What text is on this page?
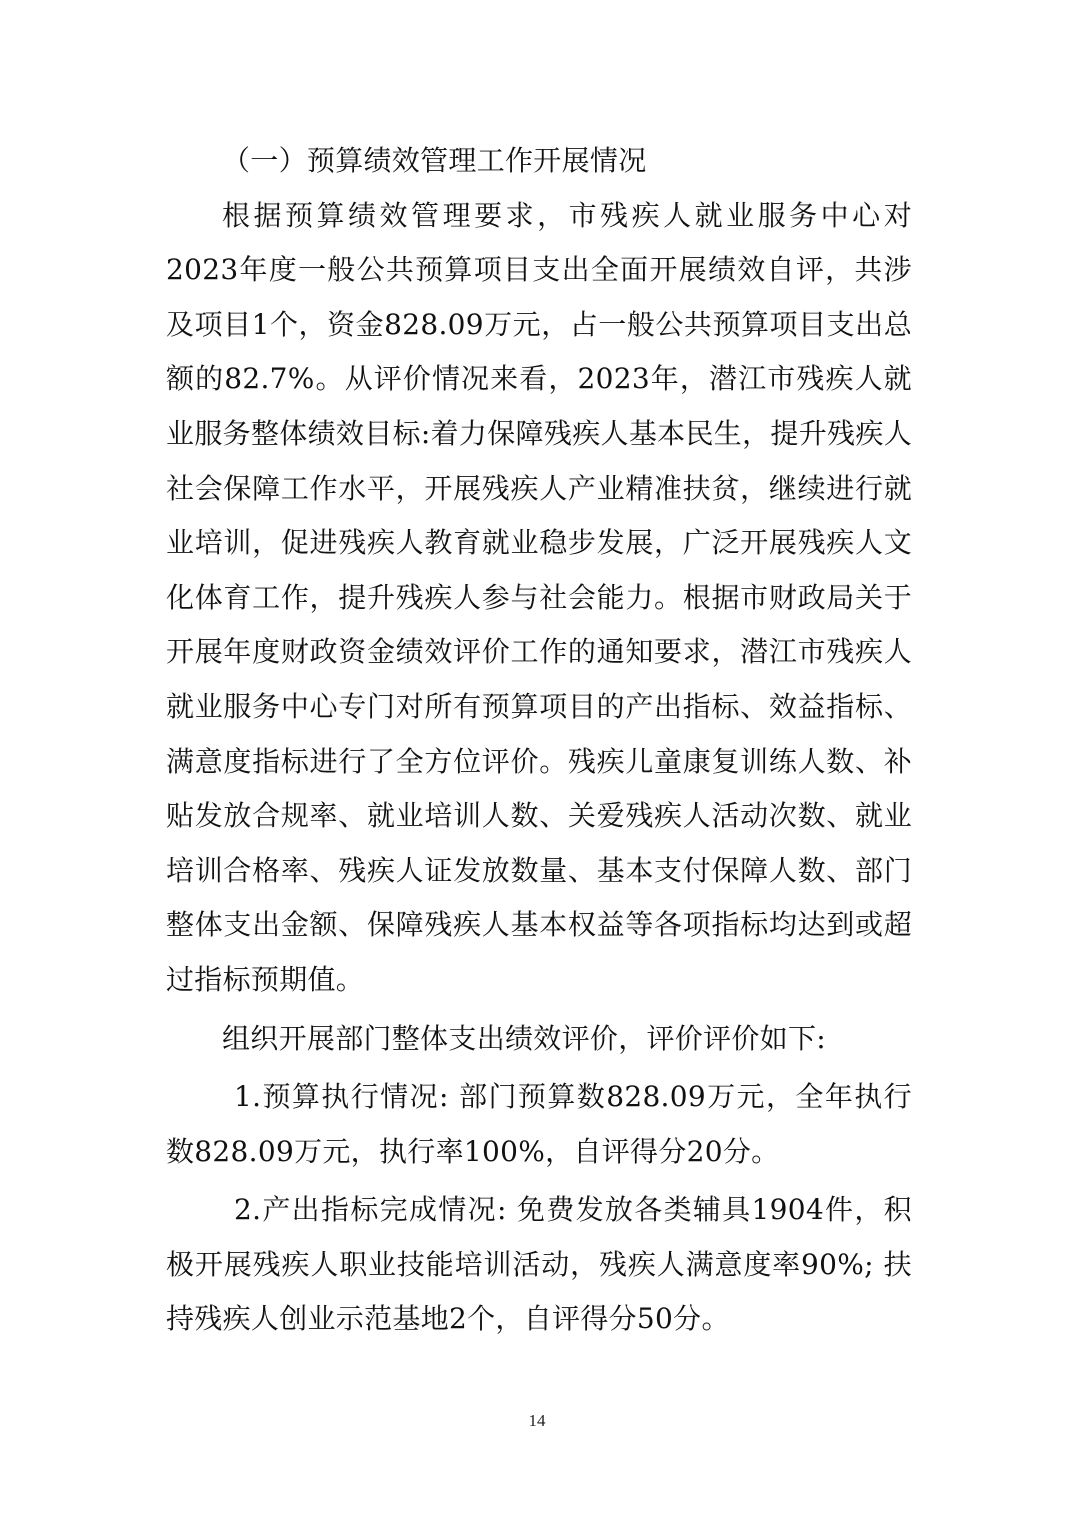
（一）预算绩效管理工作开展情况

根据预算绩效管理要求，市残疾人就业服务中心对2023年度一般公共预算项目支出全面开展绩效自评，共涉及项目1个，资金828.09万元，占一般公共预算项目支出总额的82.7%。从评价情况来看，2023年，潜江市残疾人就业服务整体绩效目标:着力保障残疾人基本民生，提升残疾人社会保障工作水平，开展残疾人产业精准扶贫，继续进行就业培训，促进残疾人教育就业稳步发展，广泛开展残疾人文化体育工作，提升残疾人参与社会能力。根据市财政局关于开展年度财政资金绩效评价工作的通知要求，潜江市残疾人就业服务中心专门对所有预算项目的产出指标、效益指标、满意度指标进行了全方位评价。残疾儿童康复训练人数、补贴发放合规率、就业培训人数、关爱残疾人活动次数、就业培训合格率、残疾人证发放数量、基本支付保障人数、部门整体支出金额、保障残疾人基本权益等各项指标均达到或超过指标预期值。

组织开展部门整体支出绩效评价，评价评价如下:

1.预算执行情况: 部门预算数828.09万元，全年执行数828.09万元，执行率100%，自评得分20分。

2.产出指标完成情况: 免费发放各类辅具1904件，积极开展残疾人职业技能培训活动，残疾人满意度率90%; 扶持残疾人创业示范基地2个，自评得分50分。

14
